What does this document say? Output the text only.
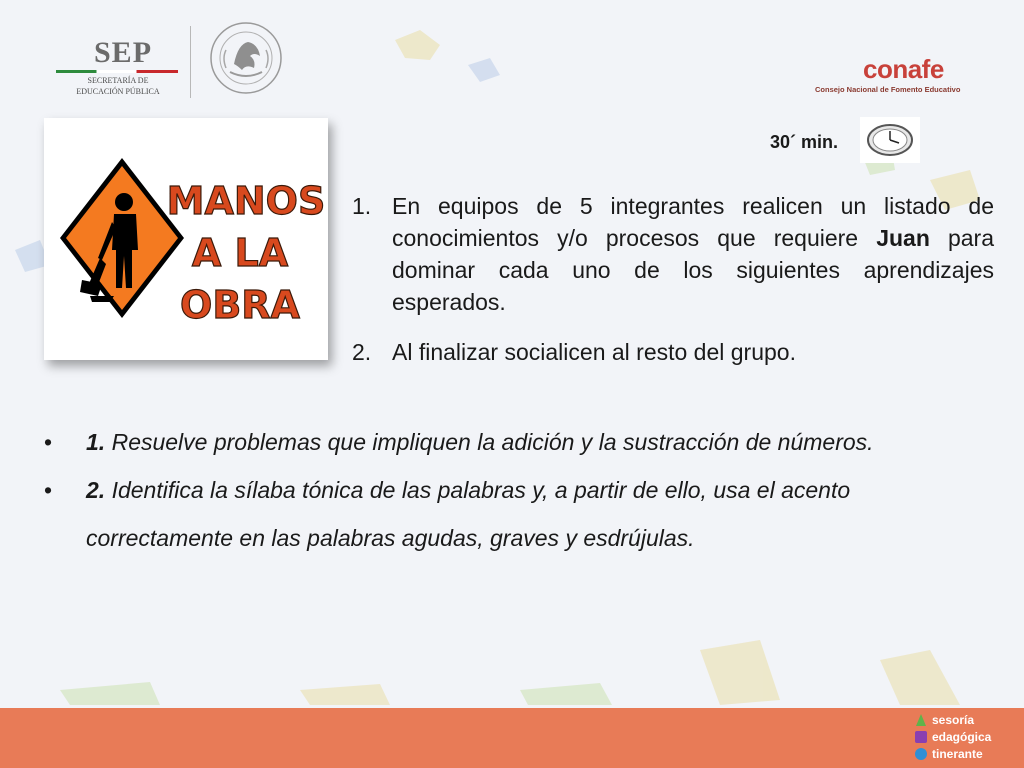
SEP
SECRETARÍA DE
EDUCACIÓN PÚBLICA
conafe
Consejo Nacional de Fomento Educativo
MANOS
A LA
OBRA
30´ min.
1. En equipos de 5 integrantes realicen un listado de conocimientos y/o procesos que requiere Juan para dominar cada uno de los siguientes aprendizajes esperados.
2. Al finalizar socialicen al resto del grupo.
• 1. Resuelve problemas que impliquen la adición y la sustracción de números.
• 2. Identifica la sílaba tónica de las palabras y, a partir de ello, usa el acento correctamente en las palabras agudas, graves y esdrújulas.
sesoría
edagógica
tinerante
